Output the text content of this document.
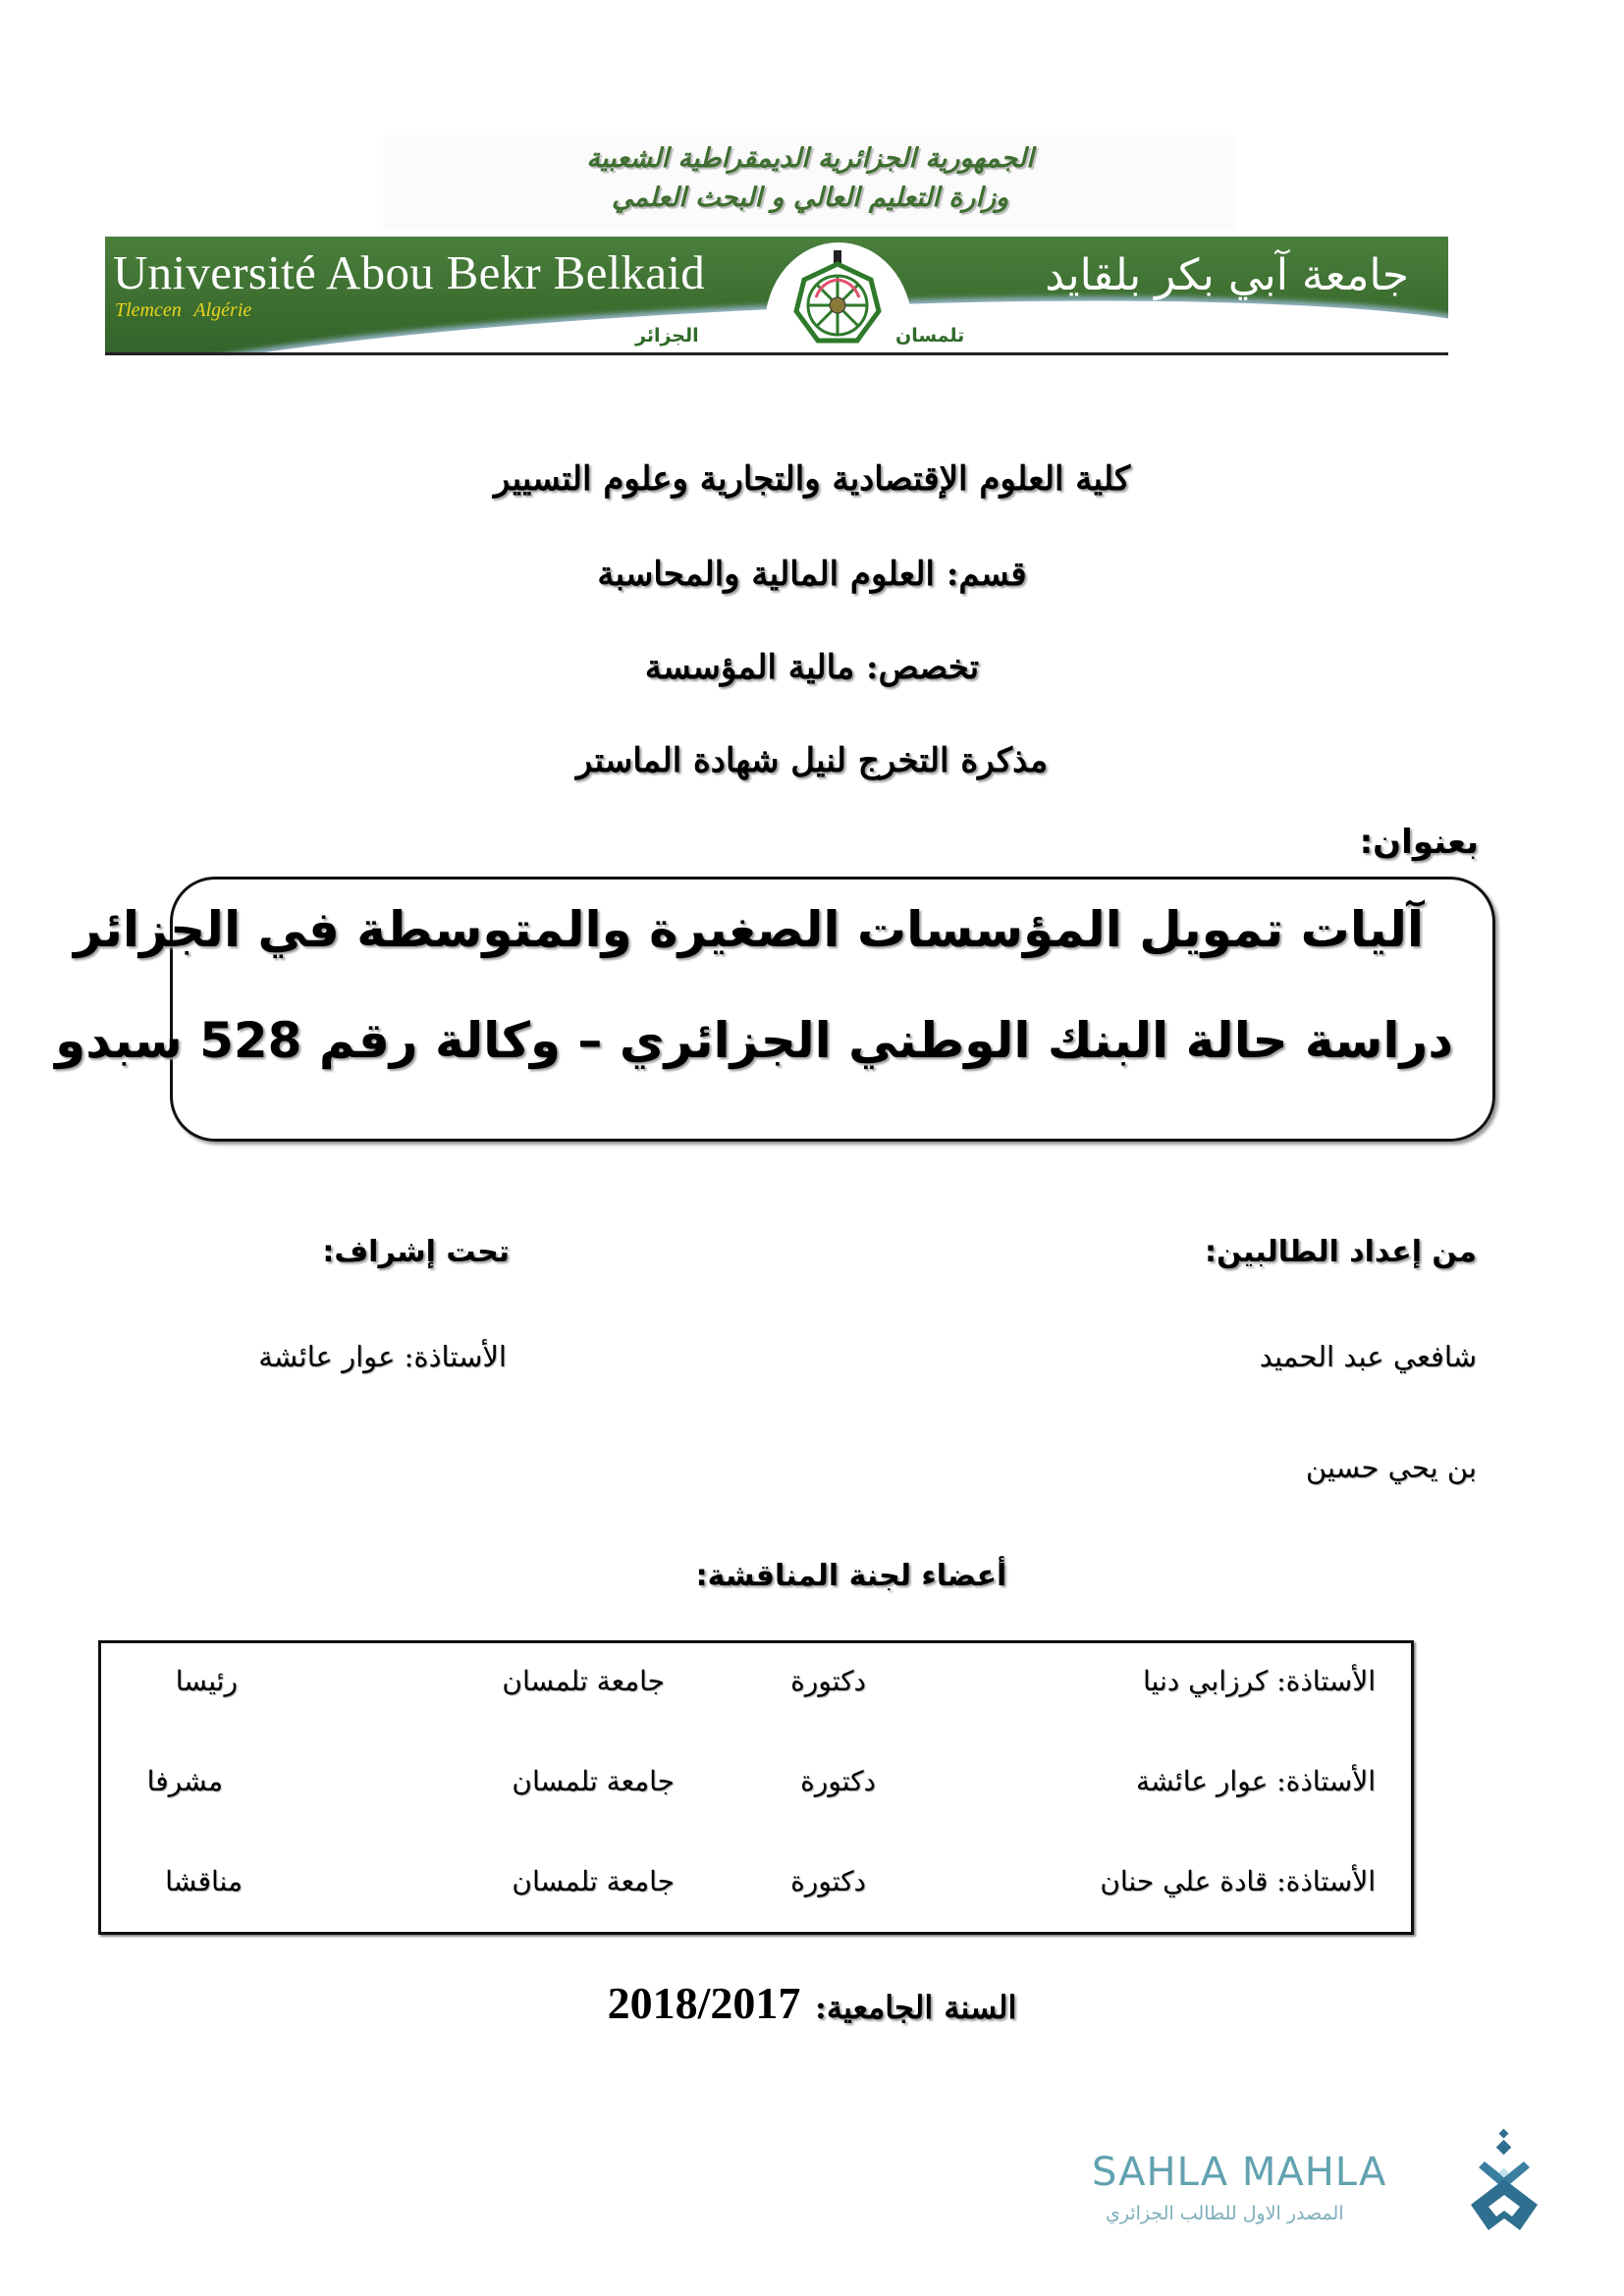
الجمهورية الجزائرية الديمقراطية الشعبية
وزارة التعليم العالي و البحث العلمي
Université Abou Bekr Belkaid
Tlemcen Algérie
جامعة آبي بكر بلقايد
الجزائر	تلمسان
كلية العلوم الإقتصادية والتجارية وعلوم التسيير
قسم: العلوم المالية والمحاسبة
تخصص: مالية المؤسسة
مذكرة التخرج لنيل شهادة الماستر
بعنوان:
آليات تمويل المؤسسات الصغيرة والمتوسطة في الجزائر
دراسة حالة البنك الوطني الجزائري – وكالة رقم 528 سبدو
من إعداد الطالبين:
تحت إشراف:
شافعي عبد الحميد
بن يحي حسين
الأستاذة: عوار عائشة
أعضاء لجنة المناقشة:
الأستاذة: كرزابي دنيا
دكتورة
جامعة تلمسان
رئيسا
الأستاذة: عوار عائشة
دكتورة
جامعة تلمسان
مشرفا
الأستاذة: قادة علي حنان
دكتورة
جامعة تلمسان
مناقشا
السنة الجامعية: 2018/2017
SAHLA MAHLA
المصدر الاول للطالب الجزائري
